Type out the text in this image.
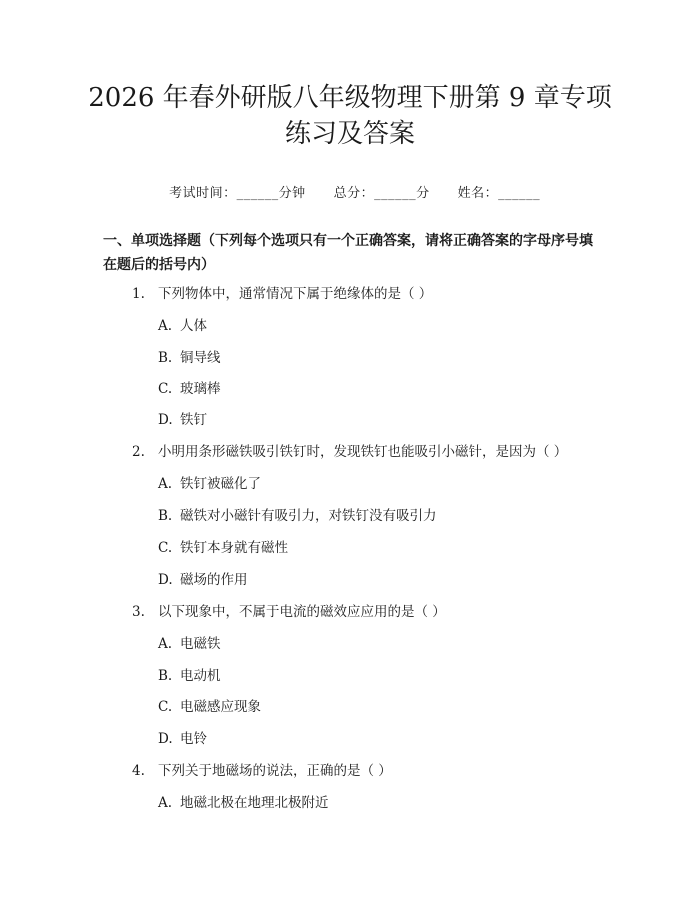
2026 年春外研版八年级物理下册第 9 章专项
练习及答案

考试时间：______分钟 总分：______分 姓名：______

一、单项选择题（下列每个选项只有一个正确答案，请将正确答案的字母序号填在题后的括号内）
1. 下列物体中，通常情况下属于绝缘体的是（ ）
A. 人体
B. 铜导线
C. 玻璃棒
D. 铁钉
2. 小明用条形磁铁吸引铁钉时，发现铁钉也能吸引小磁针，是因为（ ）
A. 铁钉被磁化了
B. 磁铁对小磁针有吸引力，对铁钉没有吸引力
C. 铁钉本身就有磁性
D. 磁场的作用
3. 以下现象中，不属于电流的磁效应应用的是（ ）
A. 电磁铁
B. 电动机
C. 电磁感应现象
D. 电铃
4. 下列关于地磁场的说法，正确的是（ ）
A. 地磁北极在地理北极附近
